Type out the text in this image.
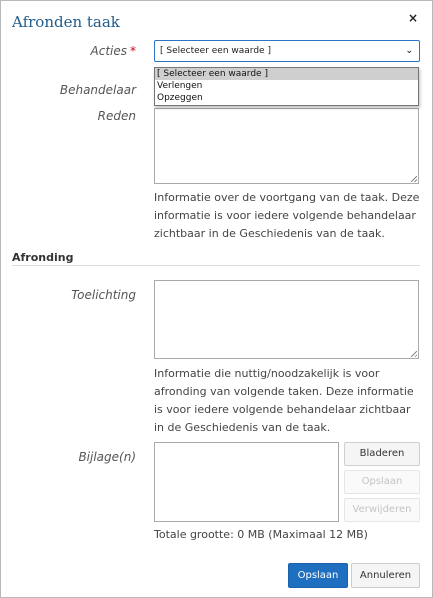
Afronden taak	×
Acties *	[ Selecteer een waarde ]	⌄
[ Selecteer een waarde ]
Verlengen
Opzeggen
Behandelaar
Reden
Informatie over de voortgang van de taak. Deze informatie is voor iedere volgende behandelaar zichtbaar in de Geschiedenis van de taak.
Afronding
Toelichting
Informatie die nuttig/noodzakelijk is voor afronding van volgende taken. Deze informatie is voor iedere volgende behandelaar zichtbaar in de Geschiedenis van de taak.
Bijlage(n)	Bladeren
Opslaan
Verwijderen
Totale grootte: 0 MB (Maximaal 12 MB)
Opslaan	Annuleren
